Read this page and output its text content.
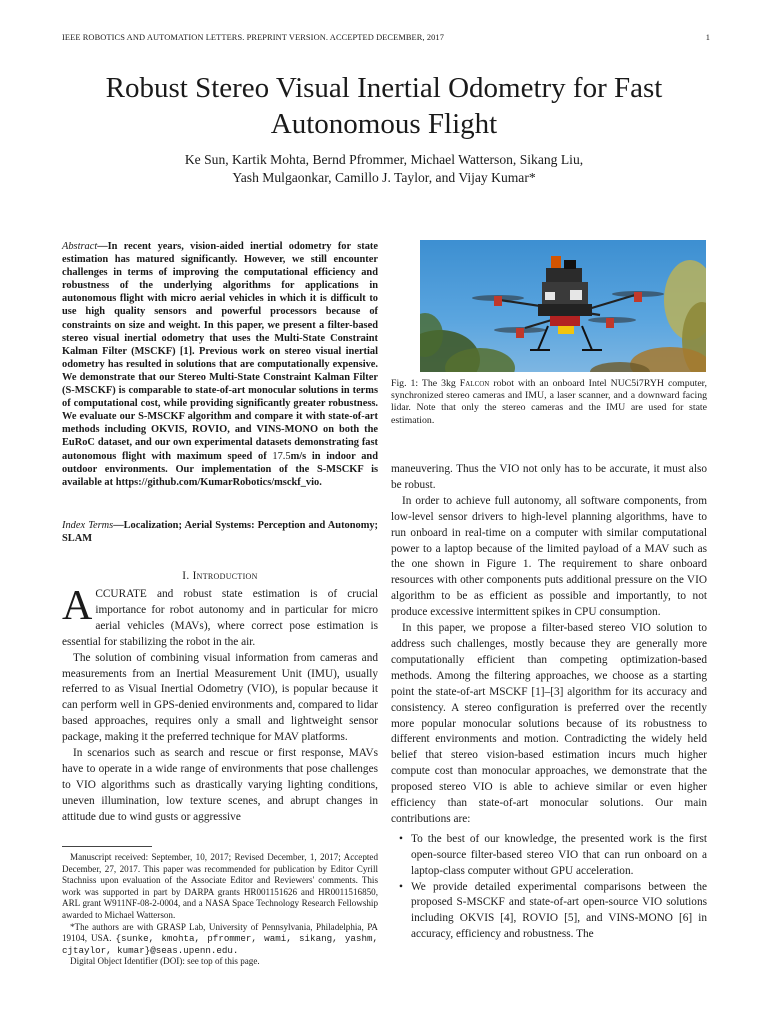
IEEE ROBOTICS AND AUTOMATION LETTERS. PREPRINT VERSION. ACCEPTED DECEMBER, 2017	1
Robust Stereo Visual Inertial Odometry for Fast
Autonomous Flight
Ke Sun, Kartik Mohta, Bernd Pfrommer, Michael Watterson, Sikang Liu,
Yash Mulgaonkar, Camillo J. Taylor, and Vijay Kumar*
Abstract—In recent years, vision-aided inertial odometry for state estimation has matured significantly. However, we still encounter challenges in terms of improving the computational efficiency and robustness of the underlying algorithms for applications in autonomous flight with micro aerial vehicles in which it is difficult to use high quality sensors and powerful processors because of constraints on size and weight. In this paper, we present a filter-based stereo visual inertial odometry that uses the Multi-State Constraint Kalman Filter (MSCKF) [1]. Previous work on stereo visual inertial odometry has resulted in solutions that are computationally expensive. We demonstrate that our Stereo Multi-State Constraint Kalman Filter (S-MSCKF) is comparable to state-of-art monocular solutions in terms of computational cost, while providing significantly greater robustness. We evaluate our S-MSCKF algorithm and compare it with state-of-art methods including OKVIS, ROVIO, and VINS-MONO on both the EuRoC dataset, and our own experimental datasets demonstrating fast autonomous flight with maximum speed of 17.5m/s in indoor and outdoor environments. Our implementation of the S-MSCKF is available at https://github.com/KumarRobotics/msckf_vio.
Index Terms—Localization; Aerial Systems: Perception and Autonomy; SLAM
I. Introduction

ACCURATE and robust state estimation is of crucial importance for robot autonomy and in particular for micro aerial vehicles (MAVs), where correct pose estimation is essential for stabilizing the robot in the air.

The solution of combining visual information from cameras and measurements from an Inertial Measurement Unit (IMU), usually referred to as Visual Inertial Odometry (VIO), is popular because it can perform well in GPS-denied environments and, compared to lidar based approaches, requires only a small and lightweight sensor package, making it the preferred technique for MAV platforms.

In scenarios such as search and rescue or first response, MAVs have to operate in a wide range of environments that pose challenges to VIO algorithms such as drastically varying lighting conditions, uneven illumination, low texture scenes, and abrupt changes in attitude due to wind gusts or aggressive

Manuscript received: September, 10, 2017; Revised December, 1, 2017; Accepted December, 27, 2017. This paper was recommended for publication by Editor Cyrill Stachniss upon evaluation of the Associate Editor and Reviewers' comments. This work was supported in part by DARPA grants HR001151626 and HR0011516850, ARL grant W911NF-08-2-0004, and a NASA Space Technology Research Fellowship awarded to Michael Watterson.

*The authors are with GRASP Lab, University of Pennsylvania, Philadelphia, PA 19104, USA. {sunke, kmohta, pfrommer, wami, sikang, yashm, cjtaylor, kumar}@seas.upenn.edu.

Digital Object Identifier (DOI): see top of this page.

Fig. 1: The 3kg Falcon robot with an onboard Intel NUC5i7RYH computer, synchronized stereo cameras and IMU, a laser scanner, and a downward facing lidar. Note that only the stereo cameras and the IMU are used for state estimation.

maneuvering. Thus the VIO not only has to be accurate, it must also be robust.

In order to achieve full autonomy, all software components, from low-level sensor drivers to high-level planning algorithms, have to run onboard in real-time on a computer with similar computational power to a laptop because of the limited payload of a MAV such as the one shown in Figure 1. The requirement to share onboard resources with other components puts additional pressure on the VIO algorithm to be as efficient as possible and importantly, to not produce excessive intermittent spikes in CPU consumption.

In this paper, we propose a filter-based stereo VIO solution to address such challenges, mostly because they are generally more computationally efficient than competing optimization-based methods. Among the filtering approaches, we choose as a starting point the state-of-art MSCKF [1]–[3] algorithm for its accuracy and consistency. A stereo configuration is preferred over the recently more popular monocular solutions because of its robustness to different environments and motion. Contradicting the widely held belief that stereo vision-based estimation incurs much higher compute cost than monocular approaches, we demonstrate that the proposed stereo VIO is able to achieve similar or even higher efficiency than state-of-art monocular solutions. Our main contributions are:

• To the best of our knowledge, the presented work is the first open-source filter-based stereo VIO that can run onboard on a laptop-class computer without GPU acceleration.
• We provide detailed experimental comparisons between the proposed S-MSCKF and state-of-art open-source VIO solutions including OKVIS [4], ROVIO [5], and VINS-MONO [6] in accuracy, efficiency and robustness. The
